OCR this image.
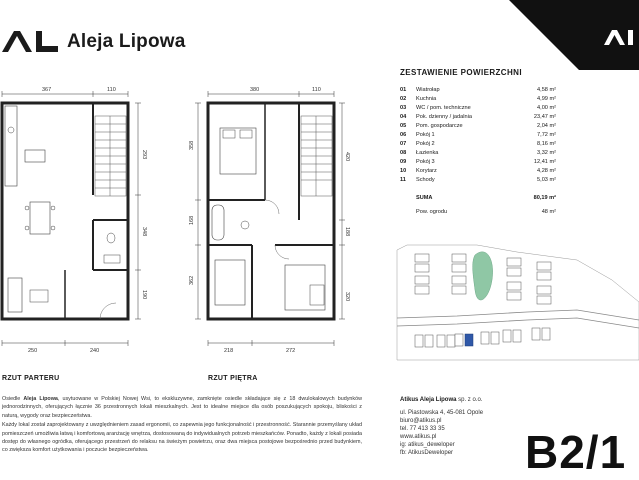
Aleja Lipowa
367	110
293
348
190
250	240
RZUT PARTERU
380	110
358
168
362
420
188
320
218	272
RZUT PIĘTRA
ZESTAWIENIE POWIERZCHNI
01	Wiatrołap	4,58 m²
02	Kuchnia	4,99 m²
03	WC / pom. techniczne	4,00 m²
04	Pok. dzienny / jadalnia	23,47 m²
05	Pom. gospodarcze	2,04 m²
06	Pokój 1	7,72 m²
07	Pokój 2	8,16 m²
08	Łazienka	3,32 m²
09	Pokój 3	12,41 m²
10	Korytarz	4,28 m²
11	Schody	5,03 m²
	SUMA	80,19 m²
	Pow. ogrodu	48 m²

Osiedle Aleja Lipowa, usytuowane w Polskiej Nowej Wsi, to ekskluzywne, zamknięte osiedle składające się z 18 dwulokalowych budynków jednorodzinnych, oferujących łącznie 36 przestronnych lokali mieszkalnych. Jest to idealne miejsce dla osób poszukujących spokoju, bliskości z naturą, wygody oraz bezpieczeństwa.

Każdy lokal został zaprojektowany z uwzględnieniem zasad ergonomii, co zapewnia jego funkcjonalność i przestronność. Starannie przemyślany układ pomieszczeń umożliwia łatwą i komfortową aranżację wnętrza, dostosowaną do indywidualnych potrzeb mieszkańców. Ponadto, każdy z lokali posiada dostęp do własnego ogródka, oferującego przestrzeń do relaksu na świeżym powietrzu, oraz dwa miejsca postojowe bezpośrednio przed budynkiem, co zwiększa komfort użytkowania i poczucie bezpieczeństwa.

Atikus Aleja Lipowa sp. z o.o.
ul. Piastowska 4, 45-081 Opole
biuro@atikus.pl
tel. 77 413 33 35
www.atikus.pl
ig: atikus_deweloper
fb: AtikusDeweloper	B2/1
